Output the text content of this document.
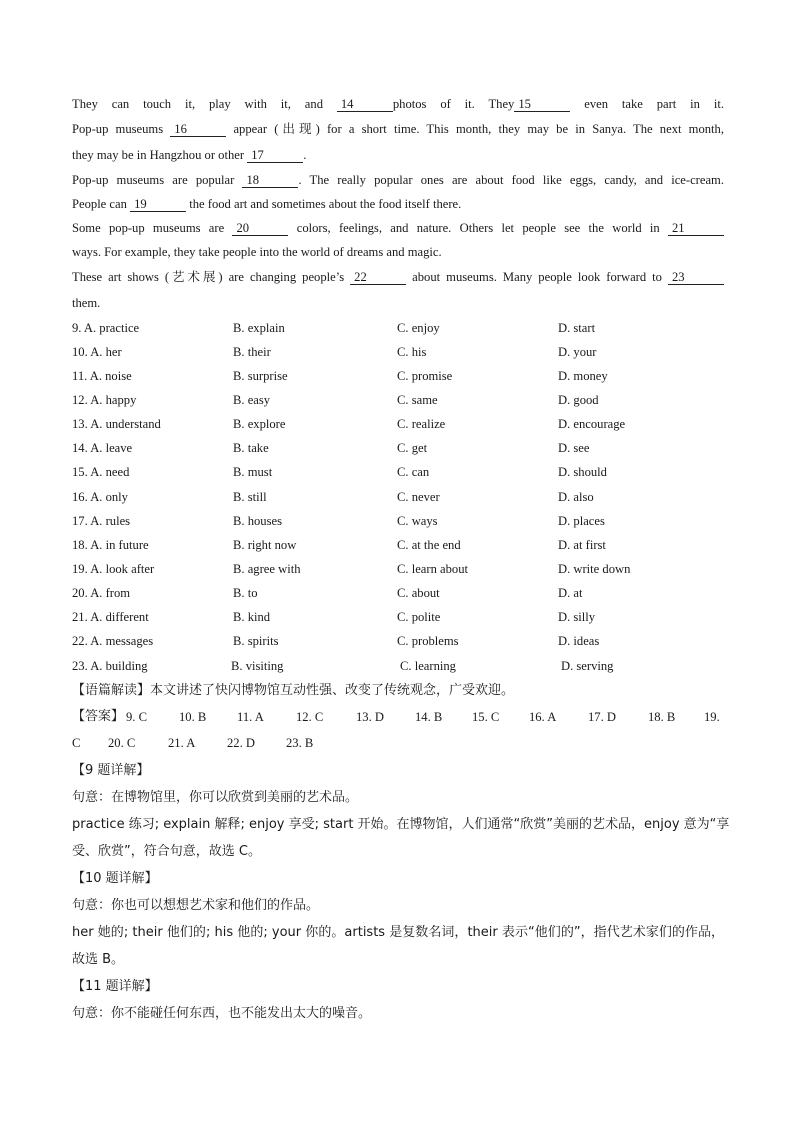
They can touch it, play with it, and 14	photos of it. They 15	even take part in it.
Pop-up museums 16	appear (出现) for a short time. This month, they may be in Sanya. The next month,
they may be in Hangzhou or other 17	.
Pop-up museums are popular 18	. The really popular ones are about food like eggs, candy, and ice-cream.
People can 19	the food art and sometimes about the food itself there.
Some pop-up museums are 20	colors, feelings, and nature. Others let people see the world in 21
ways. For example, they take people into the world of dreams and magic.
These art shows (艺术展) are changing people’s 22	about museums. Many people look forward to 23
them.
9. A. practice	B. explain	C. enjoy	D. start
10. A. her	B. their	C. his	D. your
11. A. noise	B. surprise	C. promise	D. money
12. A. happy	B. easy	C. same	D. good
13. A. understand	B. explore	C. realize	D. encourage
14. A. leave	B. take	C. get	D. see
15. A. need	B. must	C. can	D. should
16. A. only	B. still	C. never	D. also
17. A. rules	B. houses	C. ways	D. places
18. A. in future	B. right now	C. at the end	D. at first
19. A. look after	B. agree with	C. learn about	D. write down
20. A. from	B. to	C. about	D. at
21. A. different	B. kind	C. polite	D. silly
22. A. messages	B. spirits	C. problems	D. ideas
23. A. building	B. visiting	C. learning	D. serving
【语篇解读】本文讲述了快闪博物馆互动性强、改变了传统观念，广受欢迎。
【答案】 9. C	10. B 11. A	12. C	13. D 14. B 15. C 16. A	17. D	18. B 19.
C 20. C	21. A	22. D 23. B
【9 题详解】
句意：在博物馆里，你可以欣赏到美丽的艺术品。
practice 练习; explain 解释; enjoy 享受; start 开始。在博物馆，人们通常“欣赏”美丽的艺术品，enjoy 意为“享
受、欣赏”，符合句意，故选 C。
【10 题详解】
句意：你也可以想想艺术家和他们的作品。
her 她的; their 他们的; his 他的; your 你的。artists 是复数名词，their 表示“他们的”，指代艺术家们的作品，
故选 B。
【11 题详解】
句意：你不能碰任何东西，也不能发出太大的噪音。
